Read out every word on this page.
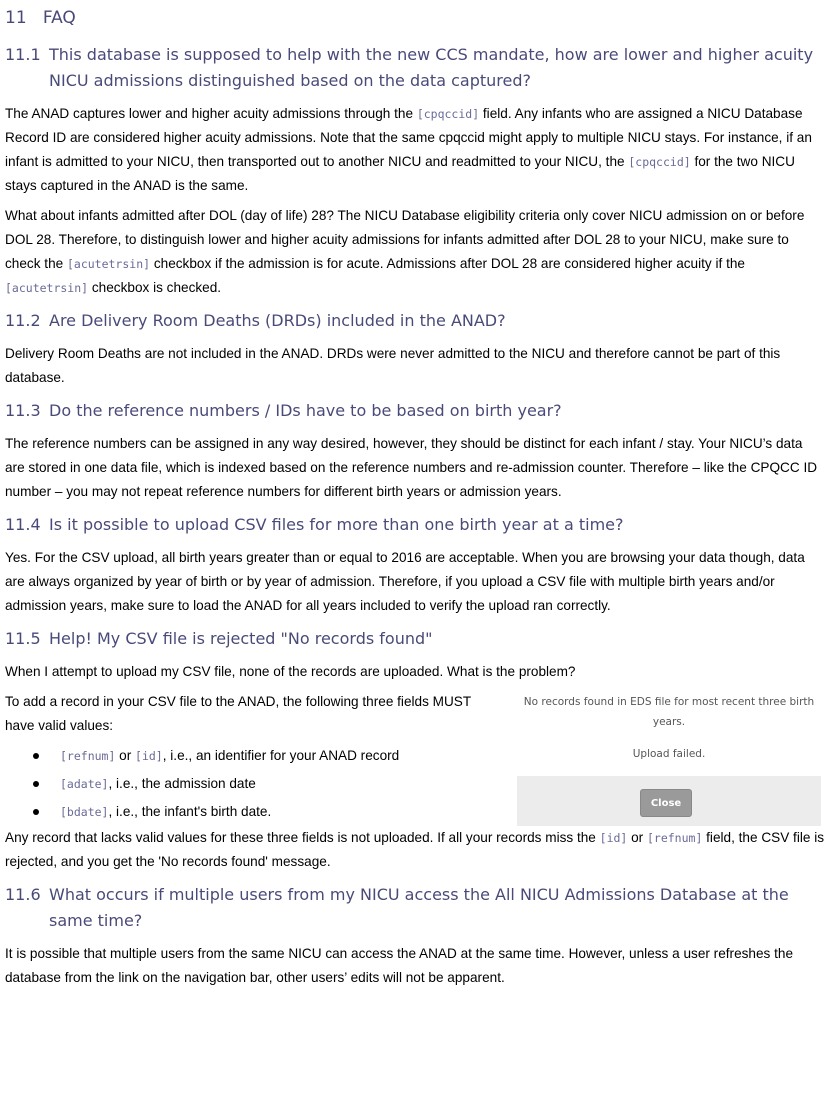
11 FAQ
11.1 This database is supposed to help with the new CCS mandate, how are lower and higher acuity NICU admissions distinguished based on the data captured?

The ANAD captures lower and higher acuity admissions through the [cpqccid] field. Any infants who are assigned a NICU Database Record ID are considered higher acuity admissions. Note that the same cpqccid might apply to multiple NICU stays. For instance, if an infant is admitted to your NICU, then transported out to another NICU and readmitted to your NICU, the [cpqccid] for the two NICU stays captured in the ANAD is the same.

What about infants admitted after DOL (day of life) 28? The NICU Database eligibility criteria only cover NICU admission on or before DOL 28. Therefore, to distinguish lower and higher acuity admissions for infants admitted after DOL 28 to your NICU, make sure to check the [acutetrsin] checkbox if the admission is for acute. Admissions after DOL 28 are considered higher acuity if the [acutetrsin] checkbox is checked.

11.2 Are Delivery Room Deaths (DRDs) included in the ANAD?

Delivery Room Deaths are not included in the ANAD. DRDs were never admitted to the NICU and therefore cannot be part of this database.

11.3 Do the reference numbers / IDs have to be based on birth year?

The reference numbers can be assigned in any way desired, however, they should be distinct for each infant / stay. Your NICU’s data are stored in one data file, which is indexed based on the reference numbers and re-admission counter. Therefore – like the CPQCC ID number – you may not repeat reference numbers for different birth years or admission years.

11.4 Is it possible to upload CSV files for more than one birth year at a time?

Yes. For the CSV upload, all birth years greater than or equal to 2016 are acceptable. When you are browsing your data though, data are always organized by year of birth or by year of admission. Therefore, if you upload a CSV file with multiple birth years and/or admission years, make sure to load the ANAD for all years included to verify the upload ran correctly.

11.5 Help! My CSV file is rejected "No records found"

When I attempt to upload my CSV file, none of the records are uploaded. What is the problem?

To add a record in your CSV file to the ANAD, the following three fields MUST have valid values:

[refnum] or [id], i.e., an identifier for your ANAD record
[adate], i.e., the admission date
[bdate], i.e., the infant's birth date.
No records found in EDS file for most recent three birth years.
Upload failed.
Close

Any record that lacks valid values for these three fields is not uploaded. If all your records miss the [id] or [refnum] field, the CSV file is rejected, and you get the 'No records found' message.

11.6 What occurs if multiple users from my NICU access the All NICU Admissions Database at the same time?

It is possible that multiple users from the same NICU can access the ANAD at the same time. However, unless a user refreshes the database from the link on the navigation bar, other users’ edits will not be apparent.
